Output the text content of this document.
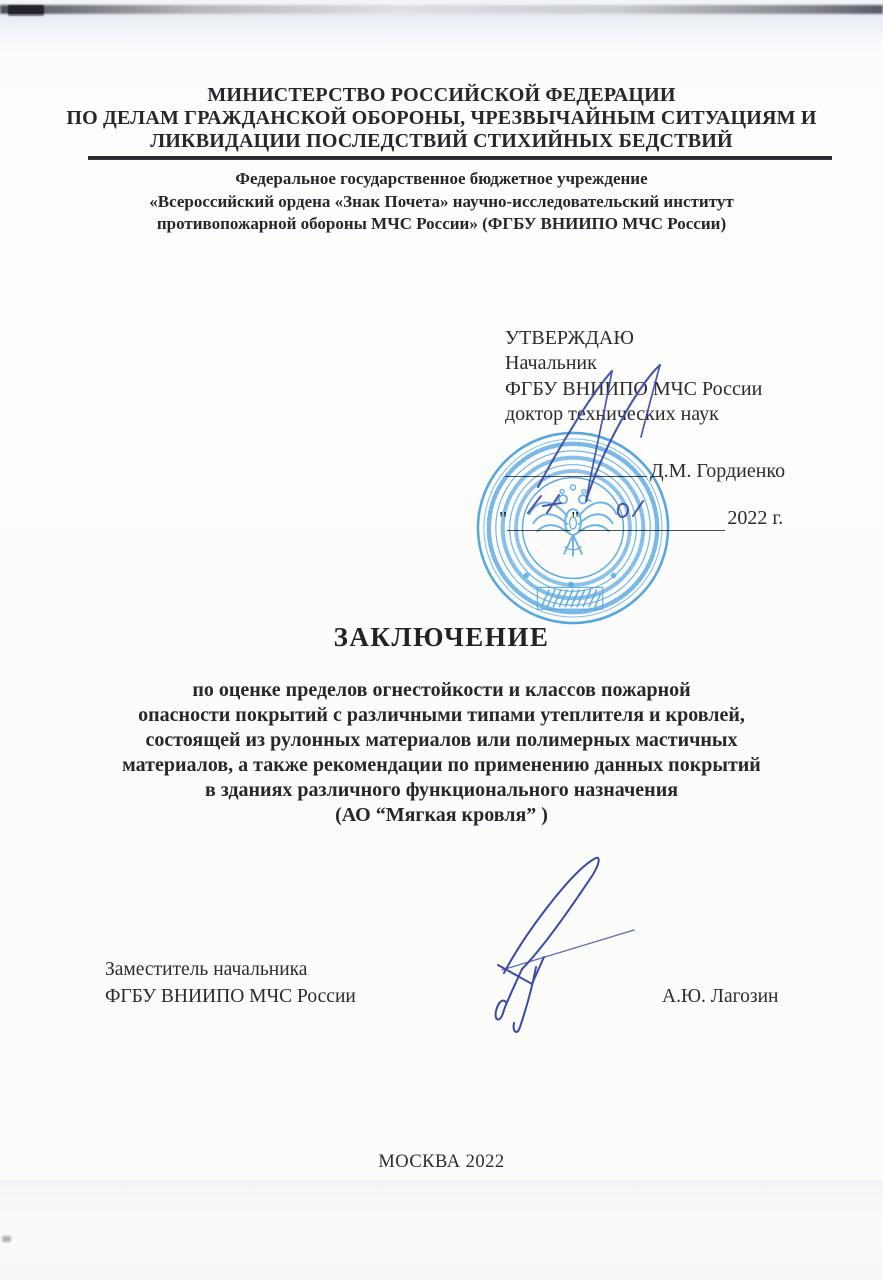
МИНИСТЕРСТВО РОССИЙСКОЙ ФЕДЕРАЦИИ
ПО ДЕЛАМ ГРАЖДАНСКОЙ ОБОРОНЫ, ЧРЕЗВЫЧАЙНЫМ СИТУАЦИЯМ И
ЛИКВИДАЦИИ ПОСЛЕДСТВИЙ СТИХИЙНЫХ БЕДСТВИЙ
Федеральное государственное бюджетное учреждение
«Всероссийский ордена «Знак Почета» научно-исследовательский институт
противопожарной обороны МЧС России» (ФГБУ ВНИИПО МЧС России)
УТВЕРЖДАЮ
Начальник
ФГБУ ВНИИПО МЧС России
доктор технических наук
Д.М. Гордиенко
"	"	2022 г.
ЗАКЛЮЧЕНИЕ
по оценке пределов огнестойкости и классов пожарной
опасности покрытий с различными типами утеплителя и кровлей,
состоящей из рулонных материалов или полимерных мастичных
материалов, а также рекомендации по применению данных покрытий
в зданиях различного функционального назначения
(АО “Мягкая кровля” )
Заместитель начальника
ФГБУ ВНИИПО МЧС России	А.Ю. Лагозин
МОСКВА 2022
